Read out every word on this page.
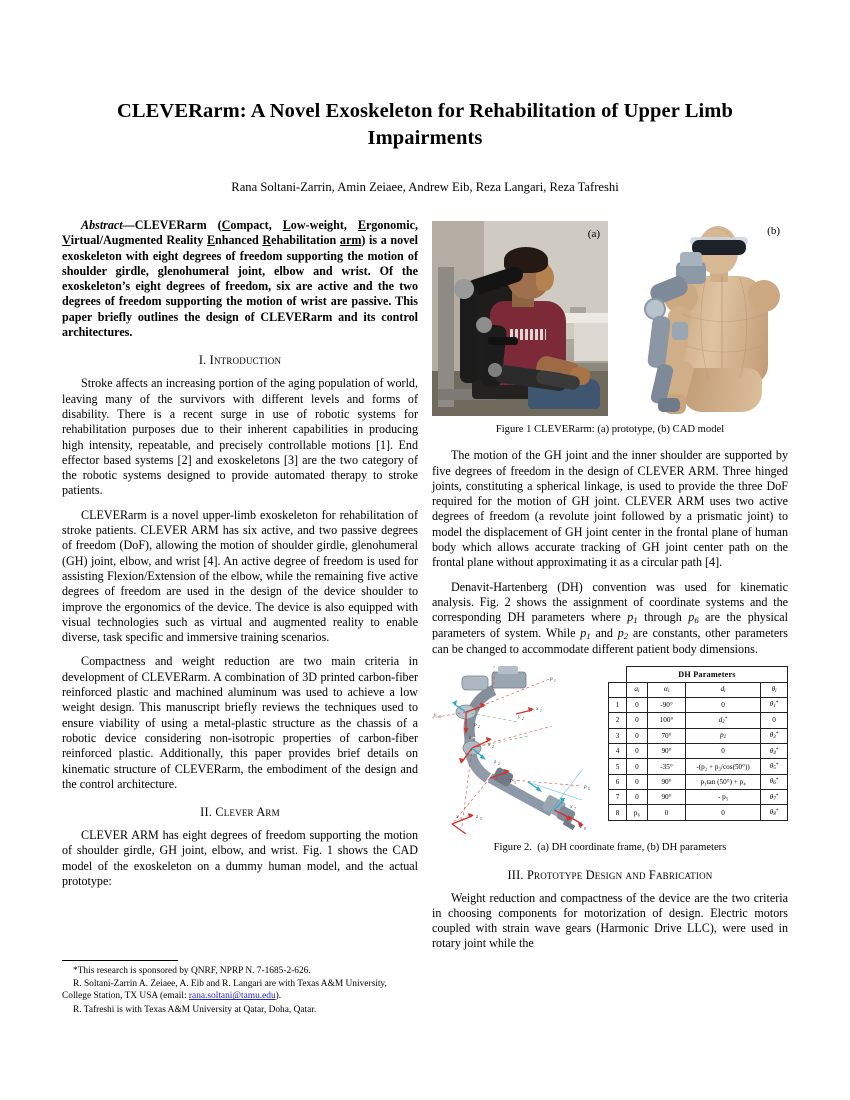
CLEVERarm: A Novel Exoskeleton for Rehabilitation of Upper Limb Impairments
Rana Soltani-Zarrin, Amin Zeiaee, Andrew Eib, Reza Langari, Reza Tafreshi

Abstract—CLEVERarm (Compact, Low-weight, Ergonomic, Virtual/Augmented Reality Enhanced Rehabilitation arm) is a novel exoskeleton with eight degrees of freedom supporting the motion of shoulder girdle, glenohumeral joint, elbow and wrist. Of the exoskeleton’s eight degrees of freedom, six are active and the two degrees of freedom supporting the motion of wrist are passive. This paper briefly outlines the design of CLEVERarm and its control architectures.

I. Introduction

Stroke affects an increasing portion of the aging population of world, leaving many of the survivors with different levels and forms of disability. There is a recent surge in use of robotic systems for rehabilitation purposes due to their inherent capabilities in producing high intensity, repeatable, and precisely controllable motions [1]. End effector based systems [2] and exoskeletons [3] are the two category of the robotic systems designed to provide automated therapy to stroke patients.

CLEVERarm is a novel upper-limb exoskeleton for rehabilitation of stroke patients. CLEVER ARM has six active, and two passive degrees of freedom (DoF), allowing the motion of shoulder girdle, glenohumeral (GH) joint, elbow, and wrist [4]. An active degree of freedom is used for assisting Flexion/Extension of the elbow, while the remaining five active degrees of freedom are used in the design of the device shoulder to improve the ergonomics of the device. The device is also equipped with visual technologies such as virtual and augmented reality to enable diverse, task specific and immersive training scenarios.

Compactness and weight reduction are two main criteria in development of CLEVERarm. A combination of 3D printed carbon-fiber reinforced plastic and machined aluminum was used to achieve a low weight design. This manuscript briefly reviews the techniques used to ensure viability of using a metal-plastic structure as the chassis of a robotic device considering non-isotropic properties of carbon-fiber reinforced plastic. Additionally, this paper provides brief details on kinematic structure of CLEVERarm, the embodiment of the design and the control architecture.

II. Clever Arm

CLEVER ARM has eight degrees of freedom supporting the motion of shoulder girdle, GH joint, elbow, and wrist. Fig. 1 shows the CAD model of the exoskeleton on a dummy human model, and the actual prototype:

*This research is sponsored by QNRF, NPRP N. 7-1685-2-626.

R. Soltani-Zarrin A. Zeiaee, A. Eib and R. Langari are with Texas A&M University, College Station, TX USA (email: rana.soltani@tamu.edu).

R. Tafreshi is with Texas A&M University at Qatar, Doha, Qatar.

(a)	(b)
Figure 1 CLEVERarm: (a) prototype, (b) CAD model

The motion of the GH joint and the inner shoulder are supported by five degrees of freedom in the design of CLEVER ARM. Three hinged joints, constituting a spherical linkage, is used to provide the three DoF required for the motion of GH joint. CLEVER ARM uses two active degrees of freedom (a revolute joint followed by a prismatic joint) to model the displacement of GH joint center in the frontal plane of human body which allows accurate tracking of GH joint center path on the frontal plane without approximating it as a circular path [4].

Denavit-Hartenberg (DH) convention was used for kinematic analysis. Fig. 2 shows the assignment of coordinate systems and the corresponding DH parameters where $p_1$ through $p_6$ are the physical parameters of system. While $p_1$ and $p_2$ are constants, other parameters can be changed to accommodate different patient body dimensions.

y 0
z 1
x 2
z 2
x 1
p 1
p 3
x 5	z 5
p 5
z 8
x 7
y 2
p 2
	DH Parameters			
	$a_i$	$\alpha_i$	$d_i$	$\theta_i$
1	0	-90°	0	$\theta_1^*$
2	0	100°	$d_2^*$	0
3	0	70°	$p_1$	$\theta_3^*$
4	0	90°	0	$\theta_4^*$
5	0	-35°	-(p₂ + p₃/cos(50°))	$\theta_5^*$
6	0	90°	p₃tan (50°) + p₄	$\theta_6^*$
7	0	90°	- p₅	$\theta_7^*$
8	p₆	0	0	$\theta_8^*$
Figure 2. (a) DH coordinate frame, (b) DH parameters
III. Prototype Design and Fabrication

Weight reduction and compactness of the device are the two criteria in choosing components for motorization of design. Electric motors coupled with strain wave gears (Harmonic Drive LLC), were used in rotary joint while the
